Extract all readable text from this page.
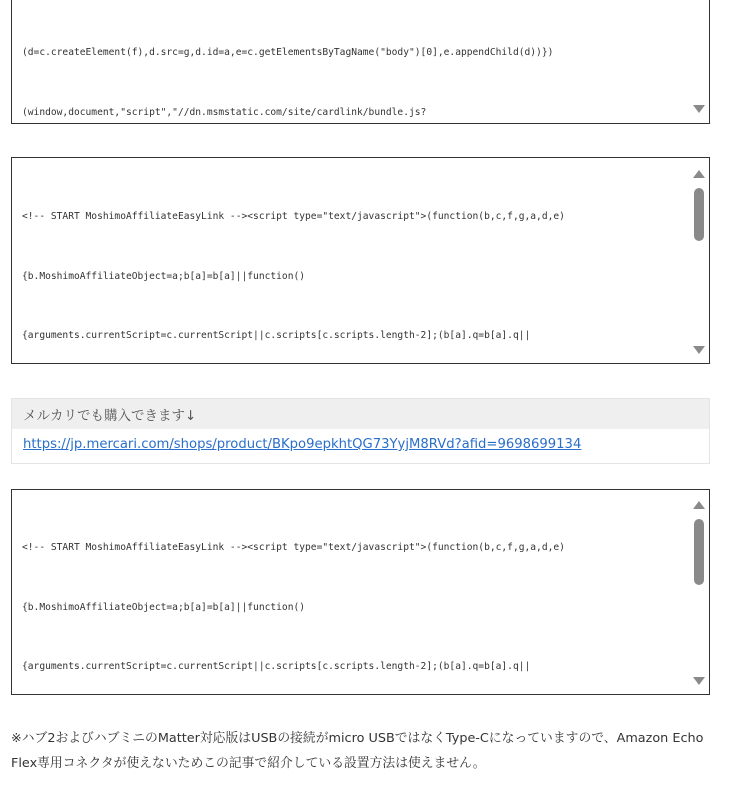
(d=c.createElement(f),d.src=g,d.id=a,e=c.getElementsByTagName("body")[0],e.appendChild(d))})

(window,document,"script","//dn.msmstatic.com/site/cardlink/bundle.js?

<!-- START MoshimoAffiliateEasyLink --><script type="text/javascript">(function(b,c,f,g,a,d,e)

{b.MoshimoAffiliateObject=a;b[a]=b[a]||function()

{arguments.currentScript=c.currentScript||c.scripts[c.scripts.length-2];(b[a].q=b[a].q||

メルカリでも購入できます↓
https://jp.mercari.com/shops/product/BKpo9epkhtQG73YyjM8RVd?afid=9698699134

<!-- START MoshimoAffiliateEasyLink --><script type="text/javascript">(function(b,c,f,g,a,d,e)

{b.MoshimoAffiliateObject=a;b[a]=b[a]||function()

{arguments.currentScript=c.currentScript||c.scripts[c.scripts.length-2];(b[a].q=b[a].q||

※ハブ2およびハブミニのMatter対応版はUSBの接続がmicro USBではなくType-Cになっていますので、Amazon Echo Flex専用コネクタが使えないためこの記事で紹介している設置方法は使えません。
